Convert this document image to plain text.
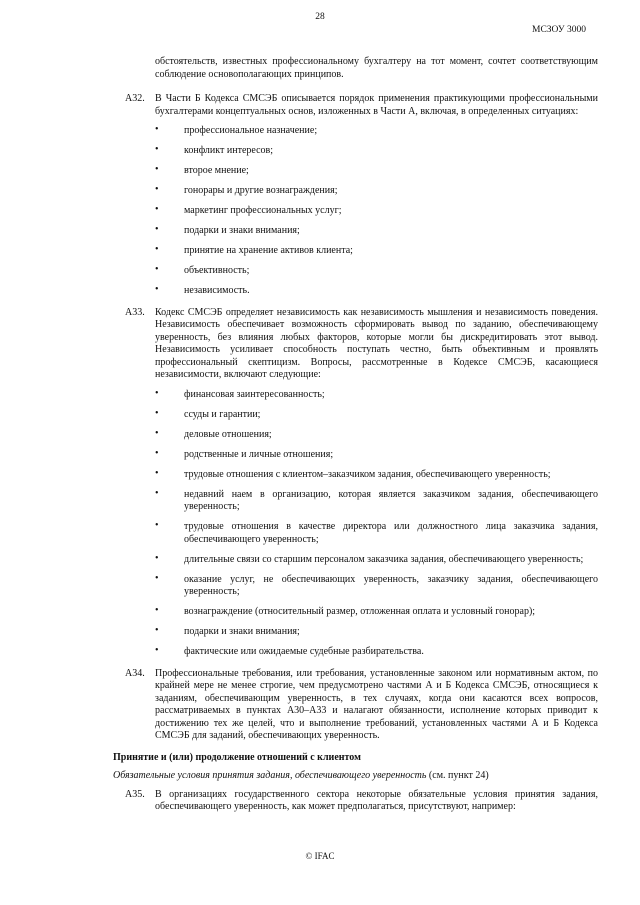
28
МСЗОУ 3000

обстоятельств, известных профессиональному бухгалтеру на тот момент, сочтет соответствующим соблюдение основополагающих принципов.

A32. В Части Б Кодекса СМСЭБ описывается порядок применения практикующими профессиональными бухгалтерами концептуальных основ, изложенных в Части А, включая, в определенных ситуациях:

•	профессиональное назначение;
•	конфликт интересов;
•	второе мнение;
•	гонорары и другие вознаграждения;
•	маркетинг профессиональных услуг;
•	подарки и знаки внимания;
•	принятие на хранение активов клиента;
•	объективность;
•	независимость.
A33. Кодекс СМСЭБ определяет независимость как независимость мышления и независимость поведения. Независимость обеспечивает возможность сформировать вывод по заданию, обеспечивающему уверенность, без влияния любых факторов, которые могли бы дискредитировать этот вывод. Независимость усиливает способность поступать честно, быть объективным и проявлять профессиональный скептицизм. Вопросы, рассмотренные в Кодексе СМСЭБ, касающиеся независимости, включают следующие:

•	финансовая заинтересованность;
•	ссуды и гарантии;
•	деловые отношения;
•	родственные и личные отношения;
•	трудовые отношения с клиентом–заказчиком задания, обеспечивающего уверенность;
•	недавний наем в организацию, которая является заказчиком задания, обеспечивающего уверенность;
•	трудовые отношения в качестве директора или должностного лица заказчика задания, обеспечивающего уверенность;
•	длительные связи со старшим персоналом заказчика задания, обеспечивающего уверенность;
•	оказание услуг, не обеспечивающих уверенность, заказчику задания, обеспечивающего уверенность;
•	вознаграждение (относительный размер, отложенная оплата и условный гонорар);
•	подарки и знаки внимания;
•	фактические или ожидаемые судебные разбирательства.
A34. Профессиональные требования, или требования, установленные законом или нормативным актом, по крайней мере не менее строгие, чем предусмотрено частями А и Б Кодекса СМСЭБ, относящиеся к заданиям, обеспечивающим уверенность, в тех случаях, когда они касаются всех вопросов, рассматриваемых в пунктах A30–A33 и налагают обязанности, исполнение которых приводит к достижению тех же целей, что и выполнение требований, установленных частями А и Б Кодекса СМСЭБ для заданий, обеспечивающих уверенность.

Принятие и (или) продолжение отношений с клиентом
Обязательные условия принятия задания, обеспечивающего уверенность (см. пункт 24)
A35. В организациях государственного сектора некоторые обязательные условия принятия задания, обеспечивающего уверенность, как может предполагаться, присутствуют, например:

© IFAC
